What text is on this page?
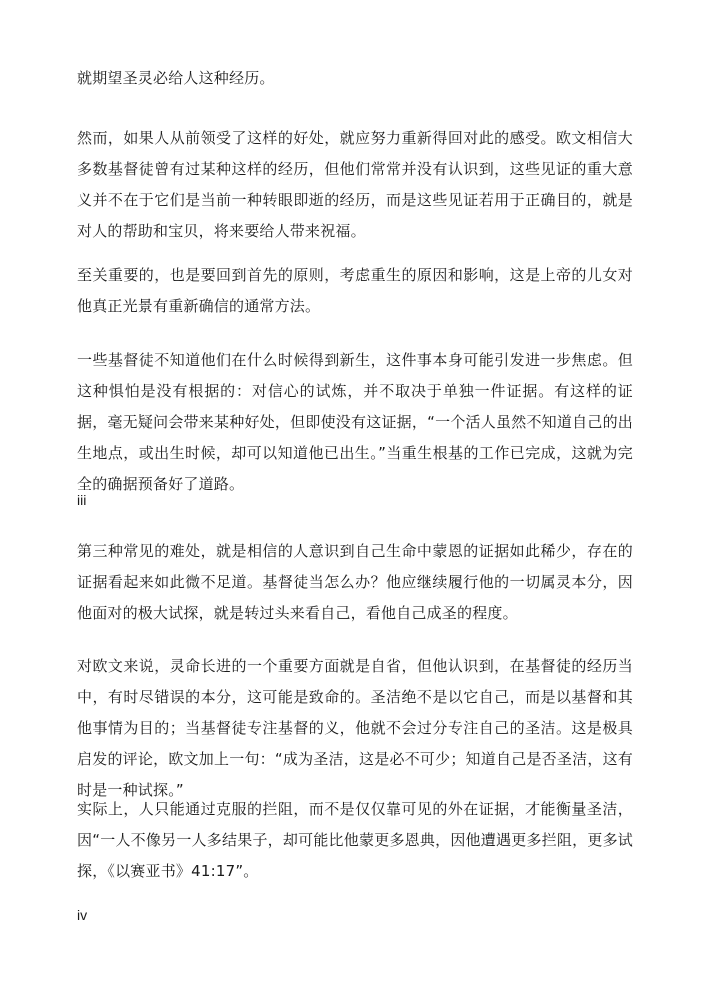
就期望圣灵必给人这种经历。

然而，如果人从前领受了这样的好处，就应努力重新得回对此的感受。欧文相信大多数基督徒曾有过某种这样的经历，但他们常常并没有认识到，这些见证的重大意义并不在于它们是当前一种转眼即逝的经历，而是这些见证若用于正确目的，就是对人的帮助和宝贝，将来要给人带来祝福。

至关重要的，也是要回到首先的原则，考虑重生的原因和影响，这是上帝的儿女对他真正光景有重新确信的通常方法。

一些基督徒不知道他们在什么时候得到新生，这件事本身可能引发进一步焦虑。但这种惧怕是没有根据的：对信心的试炼，并不取决于单独一件证据。有这样的证据，毫无疑问会带来某种好处，但即使没有这证据，“一个活人虽然不知道自己的出生地点，或出生时候，却可以知道他已出生。”当重生根基的工作已完成，这就为完全的确据预备好了道路。

iii

第三种常见的难处，就是相信的人意识到自己生命中蒙恩的证据如此稀少，存在的证据看起来如此微不足道。基督徒当怎么办？他应继续履行他的一切属灵本分，因他面对的极大试探，就是转过头来看自己，看他自己成圣的程度。

对欧文来说，灵命长进的一个重要方面就是自省，但他认识到，在基督徒的经历当中，有时尽错误的本分，这可能是致命的。圣洁绝不是以它自己，而是以基督和其他事情为目的；当基督徒专注基督的义，他就不会过分专注自己的圣洁。这是极具启发的评论，欧文加上一句：“成为圣洁，这是必不可少；知道自己是否圣洁，这有时是一种试探。”

实际上，人只能通过克服的拦阻，而不是仅仅靠可见的外在证据，才能衡量圣洁，因“一人不像另一人多结果子，却可能比他蒙更多恩典，因他遭遇更多拦阻，更多试探，《以赛亚书》41:17”。

iv
